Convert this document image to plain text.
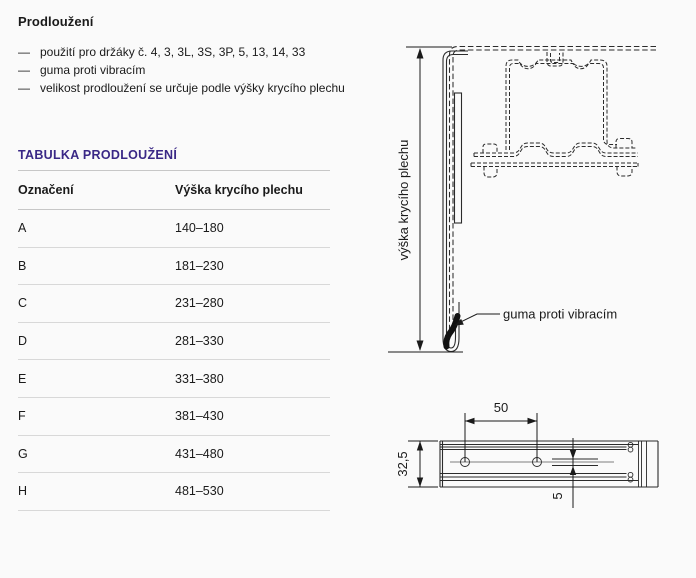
Prodloužení
— použití pro držáky č. 4, 3, 3L, 3S, 3P, 5, 13, 14, 33
— guma proti vibracím
— velikost prodloužení se určuje podle výšky krycího plechu
TABULKA PRODLOUŽENÍ
Označení	Výška krycího plechu
A	140–180
B	181–230
C	231–280
D	281–330
E	331–380
F	381–430
G	431–480
H	481–530
výška krycího plechu
guma proti vibracím
50
32,5
5
